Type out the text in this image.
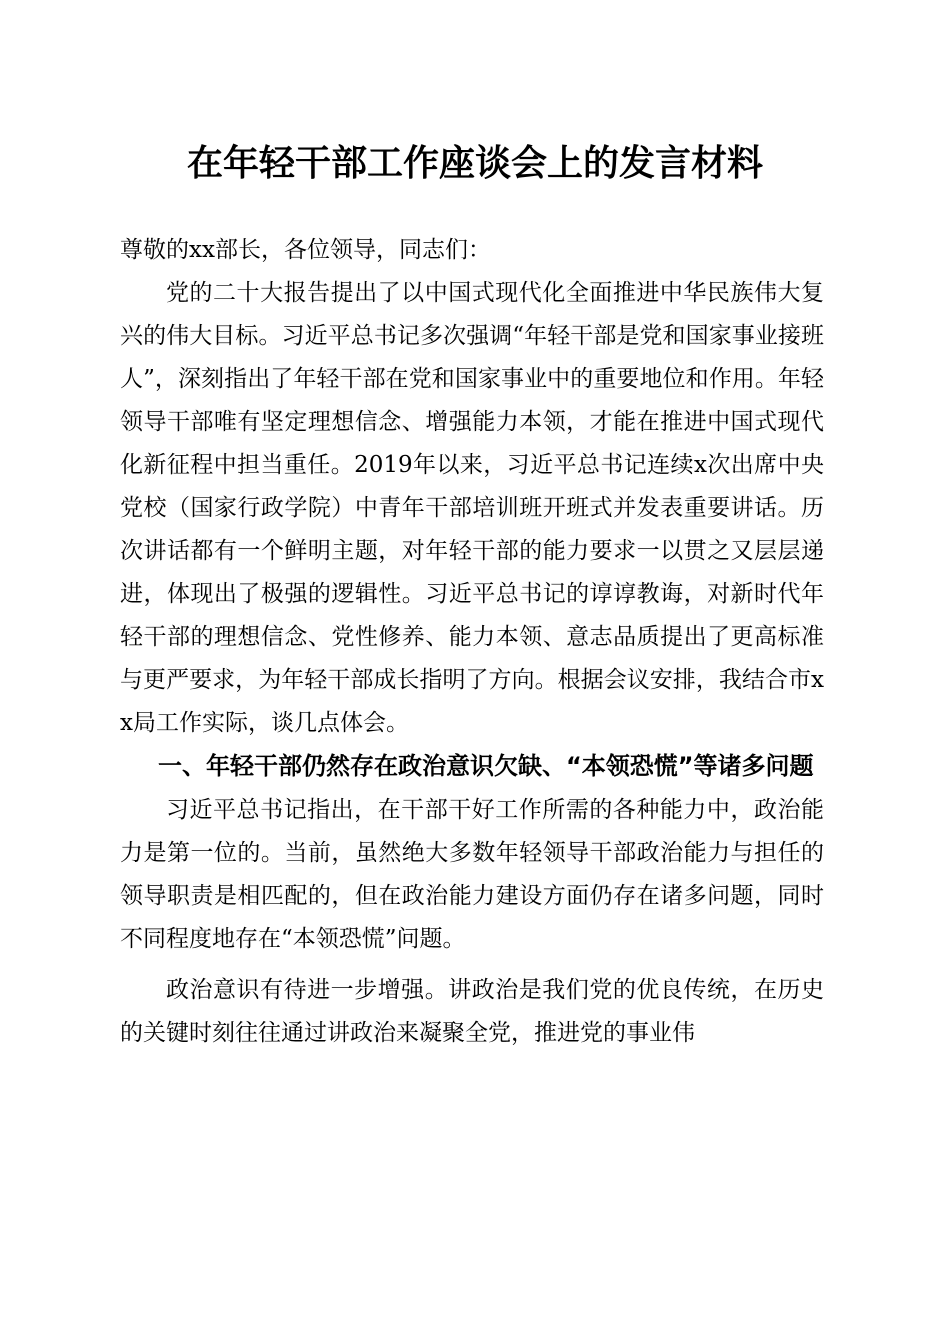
在年轻干部工作座谈会上的发言材料

尊敬的xx部长，各位领导，同志们：

党的二十大报告提出了以中国式现代化全面推进中华民族伟大复兴的伟大目标。习近平总书记多次强调“年轻干部是党和国家事业接班人”，深刻指出了年轻干部在党和国家事业中的重要地位和作用。年轻领导干部唯有坚定理想信念、增强能力本领，才能在推进中国式现代化新征程中担当重任。2019年以来，习近平总书记连续x次出席中央党校（国家行政学院）中青年干部培训班开班式并发表重要讲话。历次讲话都有一个鲜明主题，对年轻干部的能力要求一以贯之又层层递进，体现出了极强的逻辑性。习近平总书记的谆谆教诲，对新时代年轻干部的理想信念、党性修养、能力本领、意志品质提出了更高标准与更严要求，为年轻干部成长指明了方向。根据会议安排，我结合市xx局工作实际，谈几点体会。

一、年轻干部仍然存在政治意识欠缺、“本领恐慌”等诸多问题

习近平总书记指出，在干部干好工作所需的各种能力中，政治能力是第一位的。当前，虽然绝大多数年轻领导干部政治能力与担任的领导职责是相匹配的，但在政治能力建设方面仍存在诸多问题，同时不同程度地存在“本领恐慌”问题。

政治意识有待进一步增强。讲政治是我们党的优良传统，在历史的关键时刻往往通过讲政治来凝聚全党，推进党的事业伟
